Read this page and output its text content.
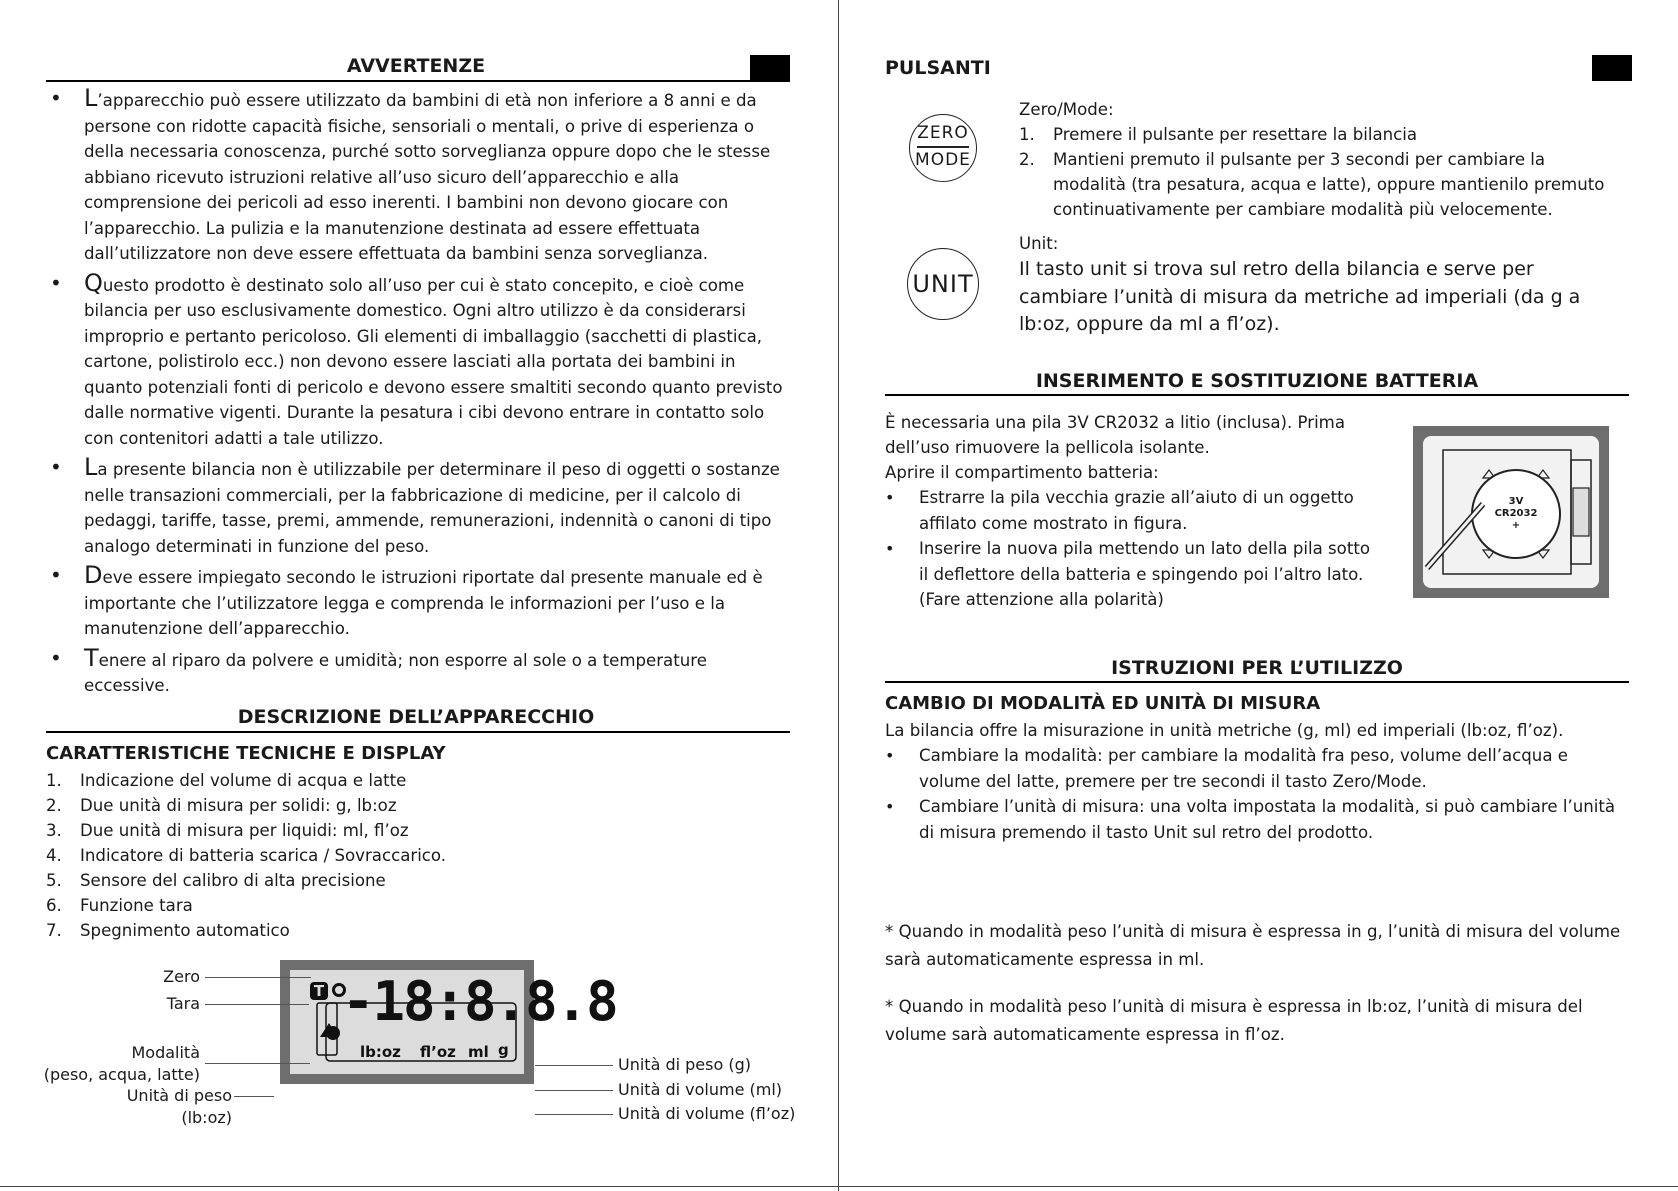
AVVERTENZE
• L’apparecchio può essere utilizzato da bambini di età non inferiore a 8 anni e da persone con ridotte capacità fisiche, sensoriali o mentali, o prive di esperienza o della necessaria conoscenza, purché sotto sorveglianza oppure dopo che le stesse abbiano ricevuto istruzioni relative all’uso sicuro dell’apparecchio e alla comprensione dei pericoli ad esso inerenti. I bambini non devono giocare con l’apparecchio. La pulizia e la manutenzione destinata ad essere effettuata dall’utilizzatore non deve essere effettuata da bambini senza sorveglianza.
• Questo prodotto è destinato solo all’uso per cui è stato concepito, e cioè come bilancia per uso esclusivamente domestico. Ogni altro utilizzo è da considerarsi improprio e pertanto pericoloso. Gli elementi di imballaggio (sacchetti di plastica, cartone, polistirolo ecc.) non devono essere lasciati alla portata dei bambini in quanto potenziali fonti di pericolo e devono essere smaltiti secondo quanto previsto dalle normative vigenti. Durante la pesatura i cibi devono entrare in contatto solo con contenitori adatti a tale utilizzo.
• La presente bilancia non è utilizzabile per determinare il peso di oggetti o sostanze nelle transazioni commerciali, per la fabbricazione di medicine, per il calcolo di pedaggi, tariffe, tasse, premi, ammende, remunerazioni, indennità o canoni di tipo analogo determinati in funzione del peso.
• Deve essere impiegato secondo le istruzioni riportate dal presente manuale ed è importante che l’utilizzatore legga e comprenda le informazioni per l’uso e la manutenzione dell’apparecchio.
• Tenere al riparo da polvere e umidità; non esporre al sole o a temperature eccessive.
DESCRIZIONE DELL’APPARECCHIO
CARATTERISTICHE TECNICHE E DISPLAY
1. Indicazione del volume di acqua e latte
2. Due unità di misura per solidi: g, lb:oz
3. Due unità di misura per liquidi: ml, fl’oz
4. Indicatore di batteria scarica / Sovraccarico.
5. Sensore del calibro di alta precisione
6. Funzione tara
7. Spegnimento automatico
T -18:8.8.8
lb:oz fl’oz ml g
Zero
Tara
Modalità
(peso, acqua, latte)
Unità di peso
(lb:oz)
Unità di peso (g)
Unità di volume (ml)
Unità di volume (fl’oz)
PULSANTI
ZERO
MODE
Zero/Mode:
1. Premere il pulsante per resettare la bilancia
2. Mantieni premuto il pulsante per 3 secondi per cambiare la modalità (tra pesatura, acqua e latte), oppure mantienilo premuto continuativamente per cambiare modalità più velocemente.
UNIT
Unit:
Il tasto unit si trova sul retro della bilancia e serve per cambiare l’unità di misura da metriche ad imperiali (da g a lb:oz, oppure da ml a fl’oz).
INSERIMENTO E SOSTITUZIONE BATTERIA
È necessaria una pila 3V CR2032 a litio (inclusa). Prima dell’uso rimuovere la pellicola isolante.
Aprire il compartimento batteria:
• Estrarre la pila vecchia grazie all’aiuto di un oggetto affilato come mostrato in figura.
• Inserire la nuova pila mettendo un lato della pila sotto il deflettore della batteria e spingendo poi l’altro lato. (Fare attenzione alla polarità)
3V
CR2032
+
ISTRUZIONI PER L’UTILIZZO
CAMBIO DI MODALITÀ ED UNITÀ DI MISURA
La bilancia offre la misurazione in unità metriche (g, ml) ed imperiali (lb:oz, fl’oz).
• Cambiare la modalità: per cambiare la modalità fra peso, volume dell’acqua e volume del latte, premere per tre secondi il tasto Zero/Mode.
• Cambiare l’unità di misura: una volta impostata la modalità, si può cambiare l’unità di misura premendo il tasto Unit sul retro del prodotto.
* Quando in modalità peso l’unità di misura è espressa in g, l’unità di misura del volume sarà automaticamente espressa in ml.
* Quando in modalità peso l’unità di misura è espressa in lb:oz, l’unità di misura del volume sarà automaticamente espressa in fl’oz.
